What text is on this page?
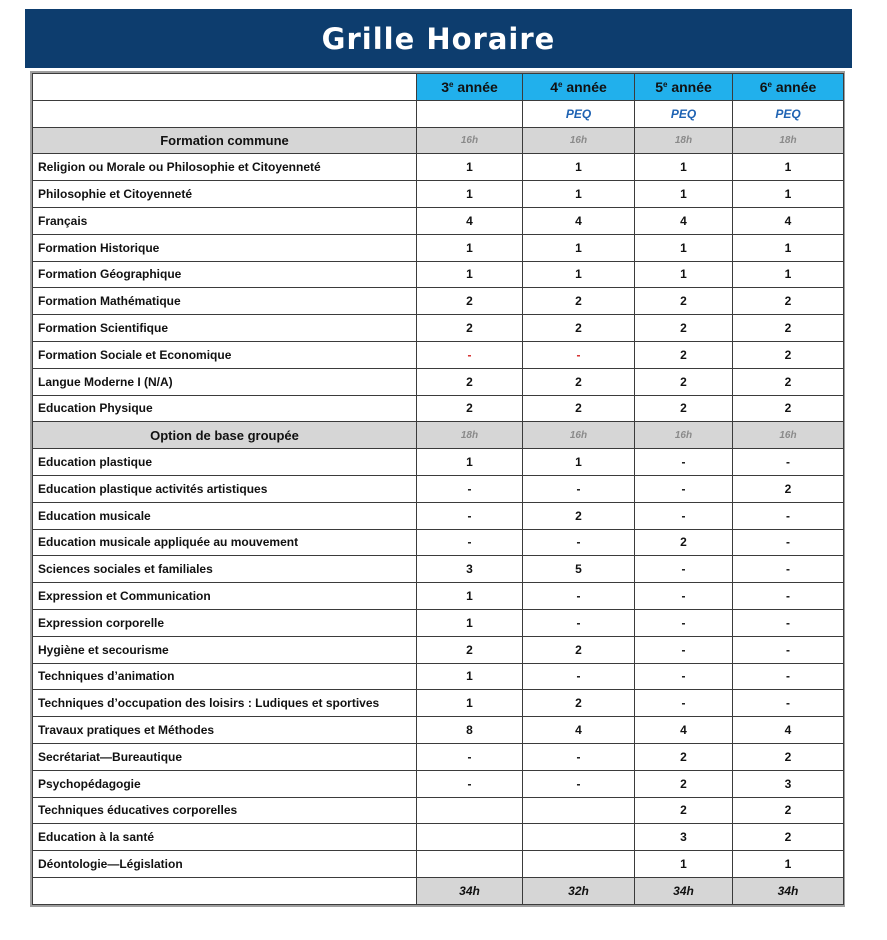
Grille Horaire
	3e année	4e année	5e année	6e année
		PEQ	PEQ	PEQ
Formation commune	16h	16h	18h	18h
Religion ou Morale ou Philosophie et Citoyenneté	1	1	1	1
Philosophie et Citoyenneté	1	1	1	1
Français	4	4	4	4
Formation Historique	1	1	1	1
Formation Géographique	1	1	1	1
Formation Mathématique	2	2	2	2
Formation Scientifique	2	2	2	2
Formation Sociale et Economique	-	-	2	2
Langue Moderne I (N/A)	2	2	2	2
Education Physique	2	2	2	2
Option de base groupée	18h	16h	16h	16h
Education plastique	1	1	-	-
Education plastique activités artistiques	-	-	-	2
Education musicale	-	2	-	-
Education musicale appliquée au mouvement	-	-	2	-
Sciences sociales et familiales	3	5	-	-
Expression et Communication	1	-	-	-
Expression corporelle	1	-	-	-
Hygiène et secourisme	2	2	-	-
Techniques d’animation	1	-	-	-
Techniques d’occupation des loisirs : Ludiques et sportives	1	2	-	-
Travaux pratiques et Méthodes	8	4	4	4
Secrétariat—Bureautique	-	-	2	2
Psychopédagogie	-	-	2	3
Techniques éducatives corporelles			2	2
Education à la santé			3	2
Déontologie—Législation			1	1
	34h	32h	34h	34h
